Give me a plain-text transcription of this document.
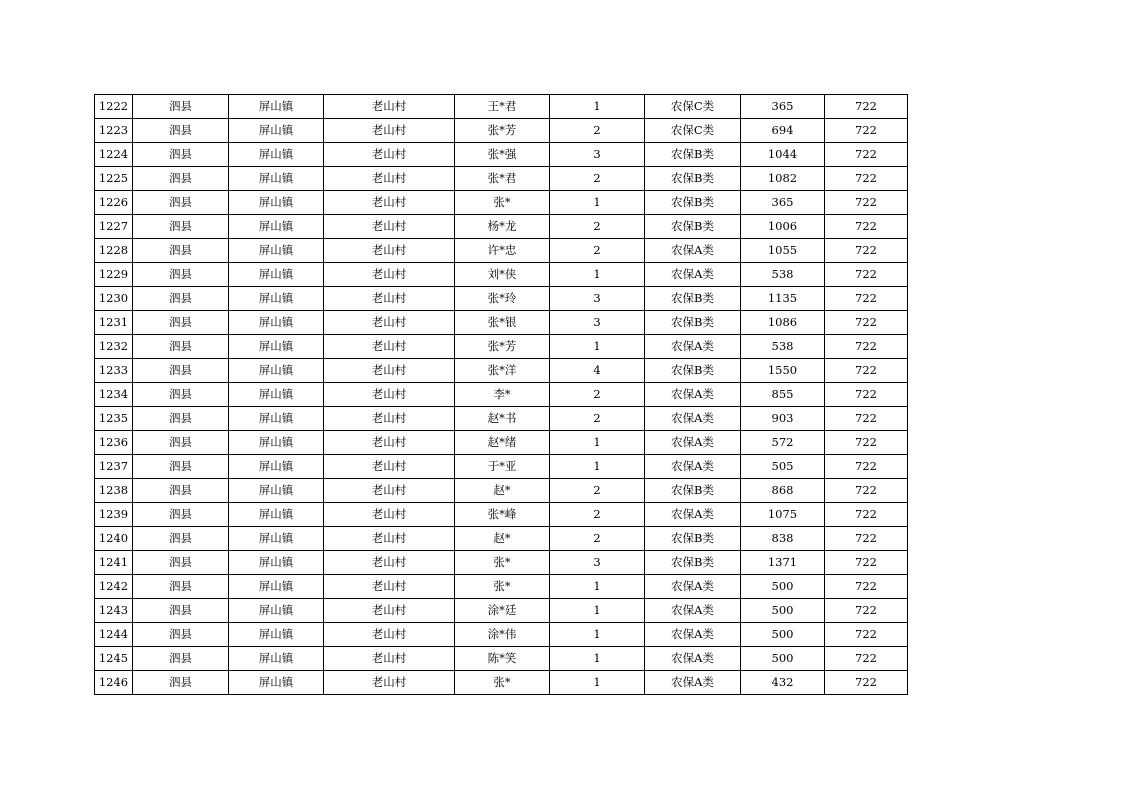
1222	泗县	屏山镇	老山村	王*君	1	农保C类	365	722
1223	泗县	屏山镇	老山村	张*芳	2	农保C类	694	722
1224	泗县	屏山镇	老山村	张*强	3	农保B类	1044	722
1225	泗县	屏山镇	老山村	张*君	2	农保B类	1082	722
1226	泗县	屏山镇	老山村	张*	1	农保B类	365	722
1227	泗县	屏山镇	老山村	杨*龙	2	农保B类	1006	722
1228	泗县	屏山镇	老山村	许*忠	2	农保A类	1055	722
1229	泗县	屏山镇	老山村	刘*侠	1	农保A类	538	722
1230	泗县	屏山镇	老山村	张*玲	3	农保B类	1135	722
1231	泗县	屏山镇	老山村	张*银	3	农保B类	1086	722
1232	泗县	屏山镇	老山村	张*芳	1	农保A类	538	722
1233	泗县	屏山镇	老山村	张*洋	4	农保B类	1550	722
1234	泗县	屏山镇	老山村	李*	2	农保A类	855	722
1235	泗县	屏山镇	老山村	赵*书	2	农保A类	903	722
1236	泗县	屏山镇	老山村	赵*绪	1	农保A类	572	722
1237	泗县	屏山镇	老山村	于*亚	1	农保A类	505	722
1238	泗县	屏山镇	老山村	赵*	2	农保B类	868	722
1239	泗县	屏山镇	老山村	张*峰	2	农保A类	1075	722
1240	泗县	屏山镇	老山村	赵*	2	农保B类	838	722
1241	泗县	屏山镇	老山村	张*	3	农保B类	1371	722
1242	泗县	屏山镇	老山村	张*	1	农保A类	500	722
1243	泗县	屏山镇	老山村	涂*廷	1	农保A类	500	722
1244	泗县	屏山镇	老山村	涂*伟	1	农保A类	500	722
1245	泗县	屏山镇	老山村	陈*笑	1	农保A类	500	722
1246	泗县	屏山镇	老山村	张*	1	农保A类	432	722
